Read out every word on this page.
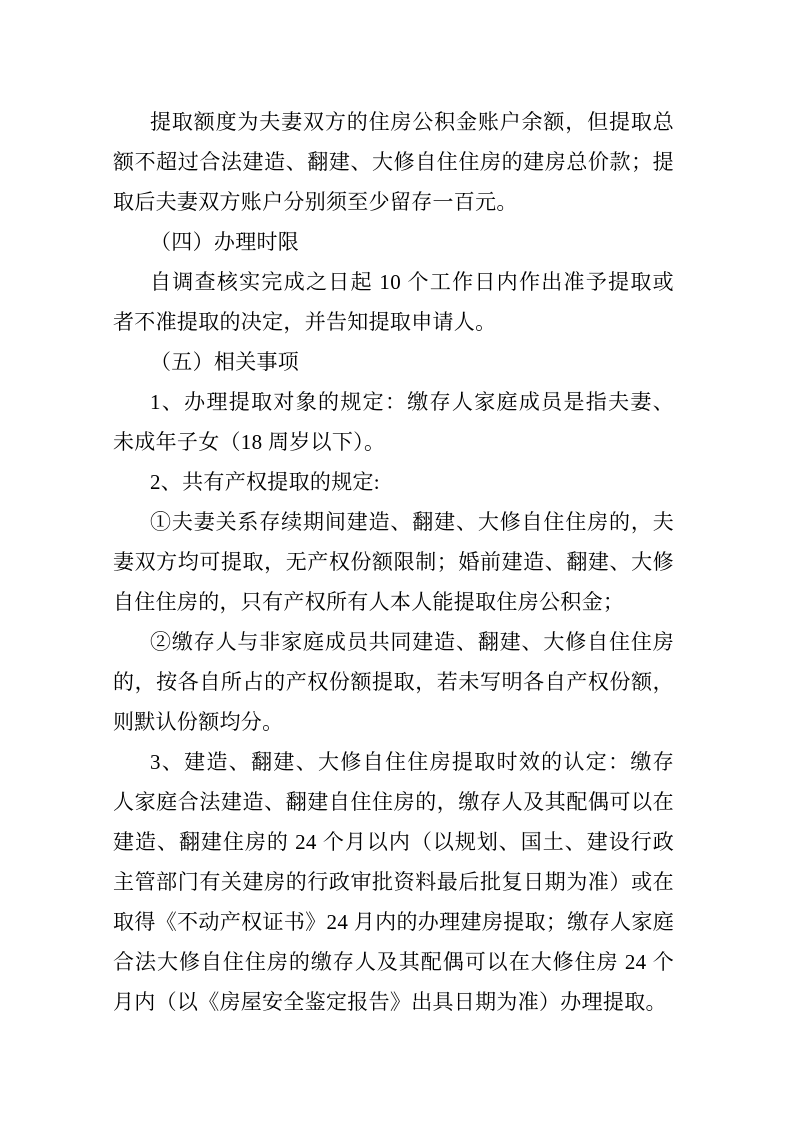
提取额度为夫妻双方的住房公积金账户余额，但提取总
额不超过合法建造、翻建、大修自住住房的建房总价款；提
取后夫妻双方账户分别须至少留存一百元。
（四）办理时限
自调查核实完成之日起 10 个工作日内作出准予提取或
者不准提取的决定，并告知提取申请人。
（五）相关事项
1、办理提取对象的规定：缴存人家庭成员是指夫妻、
未成年子女（18 周岁以下）。
2、共有产权提取的规定:
①夫妻关系存续期间建造、翻建、大修自住住房的，夫
妻双方均可提取，无产权份额限制；婚前建造、翻建、大修
自住住房的，只有产权所有人本人能提取住房公积金；
②缴存人与非家庭成员共同建造、翻建、大修自住住房
的，按各自所占的产权份额提取，若未写明各自产权份额，
则默认份额均分。
3、建造、翻建、大修自住住房提取时效的认定：缴存
人家庭合法建造、翻建自住住房的，缴存人及其配偶可以在
建造、翻建住房的 24 个月以内（以规划、国土、建设行政
主管部门有关建房的行政审批资料最后批复日期为准）或在
取得《不动产权证书》24 月内的办理建房提取；缴存人家庭
合法大修自住住房的缴存人及其配偶可以在大修住房 24 个
月内（以《房屋安全鉴定报告》出具日期为准）办理提取。
